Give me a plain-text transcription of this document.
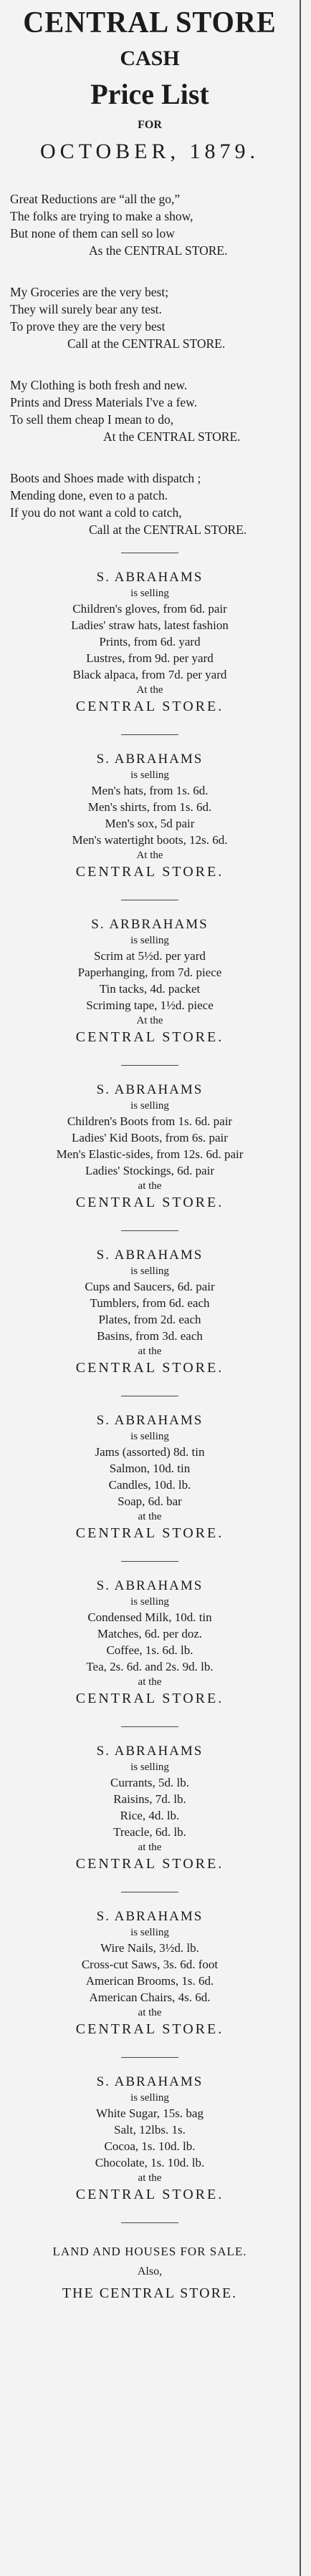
CENTRAL STORE
CASH
Price List
FOR
OCTOBER, 1879.
Great Reductions are “all the go,”
The folks are trying to make a show,
But none of them can sell so low
As the CENTRAL STORE.
My Groceries are the very best;
They will surely bear any test.
To prove they are the very best
Call at the CENTRAL STORE.
My Clothing is both fresh and new.
Prints and Dress Materials I've a few.
To sell them cheap I mean to do,
At the CENTRAL STORE.
Boots and Shoes made with dispatch ;
Mending done, even to a patch.
If you do not want a cold to catch,
Call at the CENTRAL STORE.
S. ABRAHAMS
is selling
Children's gloves, from 6d. pair
Ladies' straw hats, latest fashion
Prints, from 6d. yard
Lustres, from 9d. per yard
Black alpaca, from 7d. per yard
At the
CENTRAL STORE.
S. ABRAHAMS
is selling
Men's hats, from 1s. 6d.
Men's shirts, from 1s. 6d.
Men's sox, 5d pair
Men's watertight boots, 12s. 6d.
At the
CENTRAL STORE.
S. ARBRAHAMS
is selling
Scrim at 5½d. per yard
Paperhanging, from 7d. piece
Tin tacks, 4d. packet
Scriming tape, 1½d. piece
At the
CENTRAL STORE.
S. ABRAHAMS
is selling
Children's Boots from 1s. 6d. pair
Ladies' Kid Boots, from 6s. pair
Men's Elastic-sides, from 12s. 6d. pair
Ladies' Stockings, 6d. pair
at the
CENTRAL STORE.
S. ABRAHAMS
is selling
Cups and Saucers, 6d. pair
Tumblers, from 6d. each
Plates, from 2d. each
Basins, from 3d. each
at the
CENTRAL STORE.
S. ABRAHAMS
is selling
Jams (assorted) 8d. tin
Salmon, 10d. tin
Candles, 10d. lb.
Soap, 6d. bar
at the
CENTRAL STORE.
S. ABRAHAMS
is selling
Condensed Milk, 10d. tin
Matches, 6d. per doz.
Coffee, 1s. 6d. lb.
Tea, 2s. 6d. and 2s. 9d. lb.
at the
CENTRAL STORE.
S. ABRAHAMS
is selling
Currants, 5d. lb.
Raisins, 7d. lb.
Rice, 4d. lb.
Treacle, 6d. lb.
at the
CENTRAL STORE.
S. ABRAHAMS
is selling
Wire Nails, 3½d. lb.
Cross-cut Saws, 3s. 6d. foot
American Brooms, 1s. 6d.
American Chairs, 4s. 6d.
at the
CENTRAL STORE.
S. ABRAHAMS
is selling
White Sugar, 15s. bag
Salt, 12lbs. 1s.
Cocoa, 1s. 10d. lb.
Chocolate, 1s. 10d. lb.
at the
CENTRAL STORE.
LAND AND HOUSES FOR SALE.
Also,
THE CENTRAL STORE.
